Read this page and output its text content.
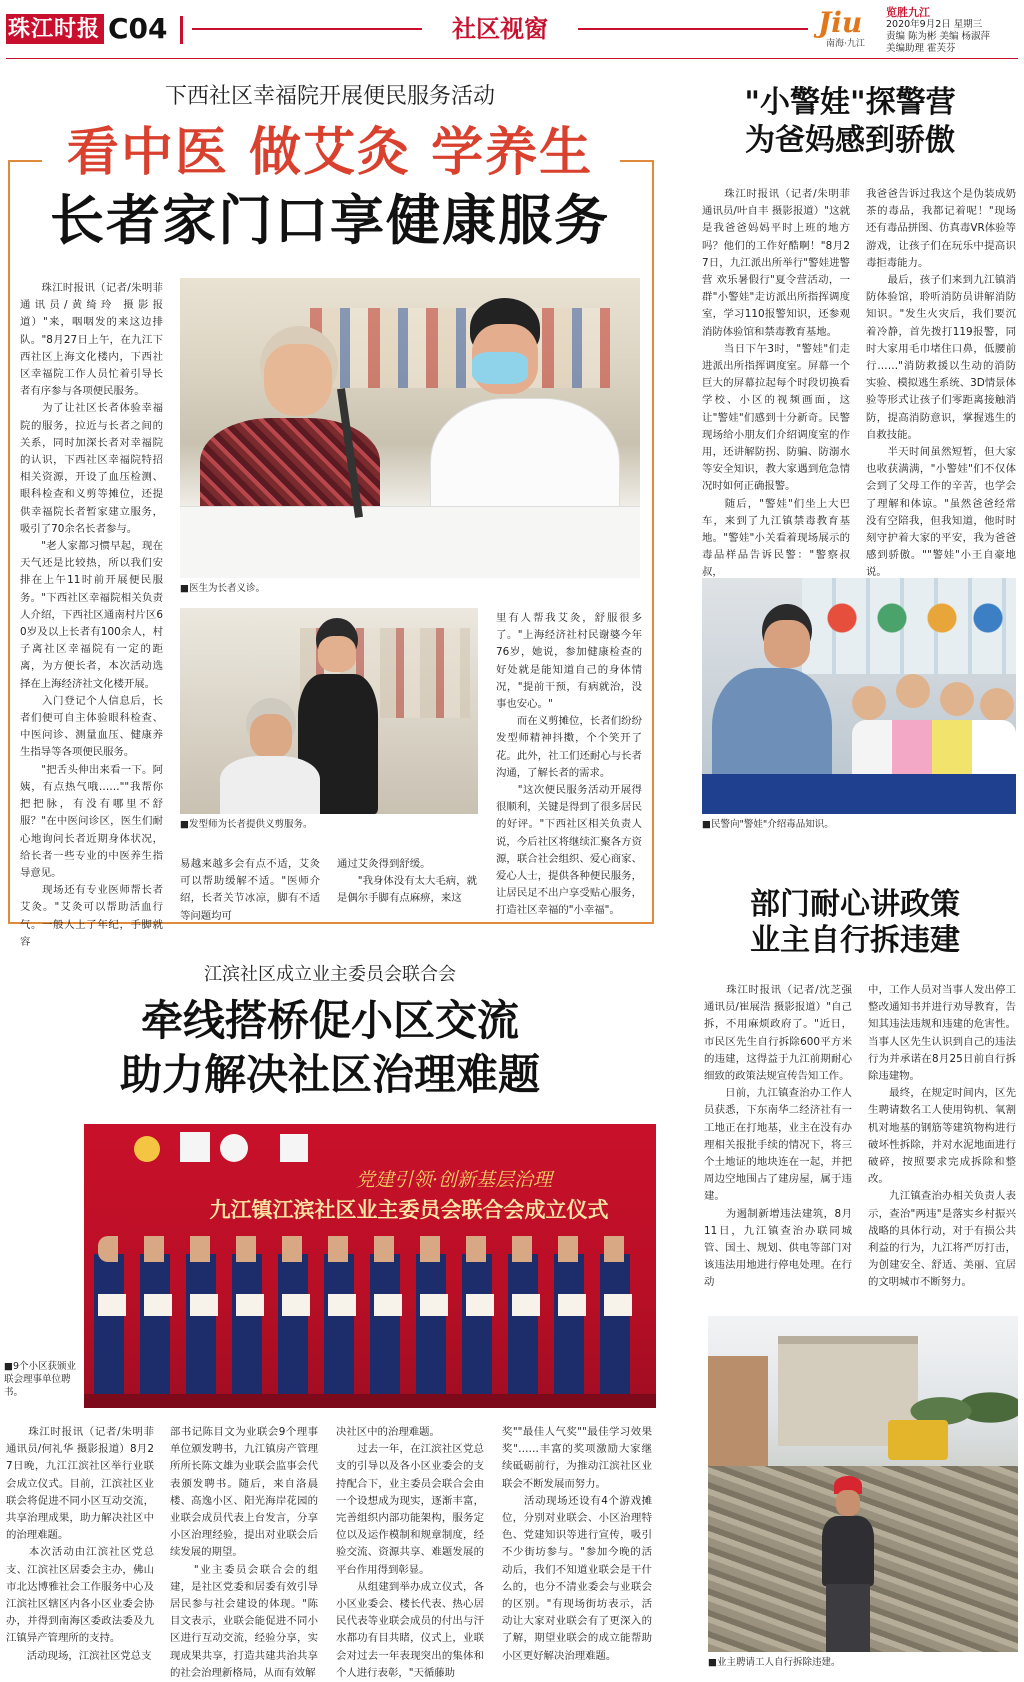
珠江时报 C04	社区视窗	Jiu
南海·九江
览胜九江
2020年9月2日 星期三
责编 陈为彬 美编 杨淑萍
美编助理 霍芙芬
下西社区幸福院开展便民服务活动
看中医 做艾灸 学养生
长者家门口享健康服务
　　珠江时报讯（记者/朱明菲 通讯员/黄绮玲 摄影报道）"来，咽咽发的来这边排队。"8月27日上午，在九江下西社区上海文化楼内，下西社区幸福院工作人员忙着引导长者有序参与各项便民服务。
　　为了让社区长者体验幸福院的服务，拉近与长者之间的关系，同时加深长者对幸福院的认识，下西社区幸福院特招相关资源，开设了血压检测、眼科检查和义剪等摊位，还提供幸福院长者暂家建立服务，吸引了70余名长者参与。
　　"老人家都习惯早起，现在天气还是比较热，所以我们安排在上午11时前开展便民服务。"下西社区幸福院相关负责人介绍，下西社区通南村片区60岁及以上长者有100余人，村子离社区幸福院有一定的距离，为方便长者，本次活动选择在上海经济社文化楼开展。
　　入门登记个人信息后，长者们便可自主体验眼科检查、中医问诊、测量血压、健康养生指导等各项便民服务。
　　"把舌头伸出来看一下。阿姨，有点热气哦……""我帮你把把脉，有没有哪里不舒服？"在中医问诊区，医生们耐心地询问长者近期身体状况，给长者一些专业的中医养生指导意见。
　　现场还有专业医师帮长者艾灸。"艾灸可以帮助活血行气。一般人上了年纪，手脚就容
■医生为长者义诊。
■发型师为长者提供义剪服务。
易越来越多会有点不适，艾灸可以帮助缓解不适。"医师介绍，长者关节冰凉，脚有不适等问题均可
通过艾灸得到舒缓。
　　"我身体没有太大毛病，就是偶尔手脚有点麻痹，来这
里有人帮我艾灸，舒服很多了。"上海经济社村民谢婆今年76岁，她说，参加健康检查的好处就是能知道自己的身体情况，"提前干预，有病就治，没事也安心。"
　　而在义剪摊位，长者们纷纷发型师精神抖擞，个个笑开了花。此外，社工们还耐心与长者沟通，了解长者的需求。
　　"这次便民服务活动开展得很顺利，关键是得到了很多居民的好评。"下西社区相关负责人说，今后社区将继续汇聚各方资源，联合社会组织、爱心商家、爱心人士，提供各种便民服务，让居民足不出户享受贴心服务，打造社区幸福的"小幸福"。
"小警娃"探警营
为爸妈感到骄傲
　　珠江时报讯（记者/朱明菲 通讯员/叶自丰 摄影报道）"这就是我爸爸妈妈平时上班的地方吗？他们的工作好酷啊！"8月27日，九江派出所举行"警娃进警营 欢乐暑假行"夏令营活动，一群"小警娃"走访派出所指挥调度室，学习110报警知识，还参观消防体验馆和禁毒教育基地。
　　当日下午3时，"警娃"们走进派出所指挥调度室。屏幕一个巨大的屏幕拉起每个时段切换看学校、小区的视频画面，这让"警娃"们感到十分新奇。民警现场给小朋友们介绍调度室的作用，还讲解防拐、防骗、防溺水等安全知识，教大家遇到危急情况时如何正确报警。
　　随后，"警娃"们坐上大巴车，来到了九江镇禁毒教育基地。"警娃"小关看着现场展示的毒品样品告诉民警："警察叔叔，
我爸爸告诉过我这个是伪装成奶茶的毒品，我都记着呢！"现场还有毒品拼图、仿真毒VR体验等游戏，让孩子们在玩乐中提高识毒拒毒能力。
　　最后，孩子们来到九江镇消防体验馆，聆听消防员讲解消防知识。"发生火灾后，我们要沉着冷静，首先拨打119报警，同时大家用毛巾堵住口鼻，低腰前行……"消防救援以生动的消防实验、模拟逃生系统、3D情景体验等形式让孩子们零距离接触消防，提高消防意识，掌握逃生的自救技能。
　　半天时间虽然短暂，但大家也收获满满，"小警娃"们不仅体会到了父母工作的辛苦，也学会了理解和体谅。"虽然爸爸经常没有空陪我，但我知道，他时时刻守护着大家的平安，我为爸爸感到骄傲。""警娃"小王自豪地说。
■民警向"警娃"介绍毒品知识。
江滨社区成立业主委员会联合会
牵线搭桥促小区交流
助力解决社区治理难题
党建引领·创新基层治理
九江镇江滨社区业主委员会联合会成立仪式
■9个小区获颁业联会理事单位聘书。
　　珠江时报讯（记者/朱明菲 通讯员/何礼华 摄影报道）8月27日晚，九江江滨社区举行业联会成立仪式。目前，江滨社区业联会将促进不同小区互动交流，共享治理成果，助力解决社区中的治理难题。
　　本次活动由江滨社区党总支、江滨社区居委会主办，佛山市北达博雅社会工作服务中心及江滨社区辖区内各小区业委会协办，并得到南海区委政法委及九江镇异产管理所的支持。
　　活动现场，江滨社区党总支
部书记陈目文为业联会9个理事单位颁发聘书，九江镇房产管理所所长陈文雄为业联会监事会代表颁发聘书。随后，来自洛晨楼、高逸小区、阳光海岸花园的业联会成员代表上台发言，分享小区治理经验，提出对业联会后续发展的期望。
　　"业主委员会联合会的组建，是社区党委和居委有效引导居民参与社会建设的体现。"陈目文表示，业联会能促进不同小区进行互动交流，经验分享，实现成果共享，打造共建共治共享的社会治理新格局，从而有效解
决社区中的治理难题。
　　过去一年，在江滨社区党总支的引导以及各小区业委会的支持配合下，业主委员会联合会由一个设想成为现实，逐渐丰富，完善组织内部功能架构，服务定位以及运作模制和规章制度，经验交流、资源共享、难题发展的平台作用得到彰显。
　　从组建到举办成立仪式，各小区业委会、楼长代表、热心居民代表等业联会成员的付出与汗水都功有目共睹，仪式上，业联会对过去一年表现突出的集体和个人进行表彰，"天循藤助
奖""最佳人气奖""最佳学习效果奖"……丰富的奖项激励大家继续砥砺前行，为推动江滨社区业联会不断发展而努力。
　　活动现场还设有4个游戏摊位，分别对业联会、小区治理特色、党建知识等进行宣传，吸引不少街坊参与。"参加今晚的活动后，我们不知道业联会是干什么的，也分不清业委会与业联会的区别。"有现场街坊表示，活动让大家对业联会有了更深入的了解，期望业联会的成立能帮助小区更好解决治理难题。
部门耐心讲政策
业主自行拆违建
　　珠江时报讯（记者/沈芝强 通讯员/崔展浩 摄影报道）"自己拆，不用麻烦政府了。"近日，市民区先生自行拆除600平方米的违建，这得益于九江前期耐心细致的政策法规宣传告知工作。
　　日前，九江镇查治办工作人员获悉，下东南华二经济社有一工地正在打地基，业主在没有办理相关报批手续的情况下，将三个土地证的地块连在一起，并把周边空地围占了建房屋，属于违建。
　　为遏制新增违法建筑，8月11日，九江镇查治办联同城管、国土、规划、供电等部门对该违法用地进行停电处理。在行动
中，工作人员对当事人发出停工整改通知书并进行劝导教育，告知其违法违规和违建的危害性。当事人区先生认识到自己的违法行为并承诺在8月25日前自行拆除违建物。
　　最终，在规定时间内，区先生聘请数名工人使用钩机、氧割机对地基的钢筋等建筑物构进行破坏性拆除，并对水泥地面进行破碎，按照要求完成拆除和整改。
　　九江镇查治办相关负责人表示，查治"两违"是落实乡村振兴战略的具体行动，对于有损公共利益的行为，九江将严厉打击，为创建安全、舒适、美丽、宜居的文明城市不断努力。
■业主聘请工人自行拆除违建。
